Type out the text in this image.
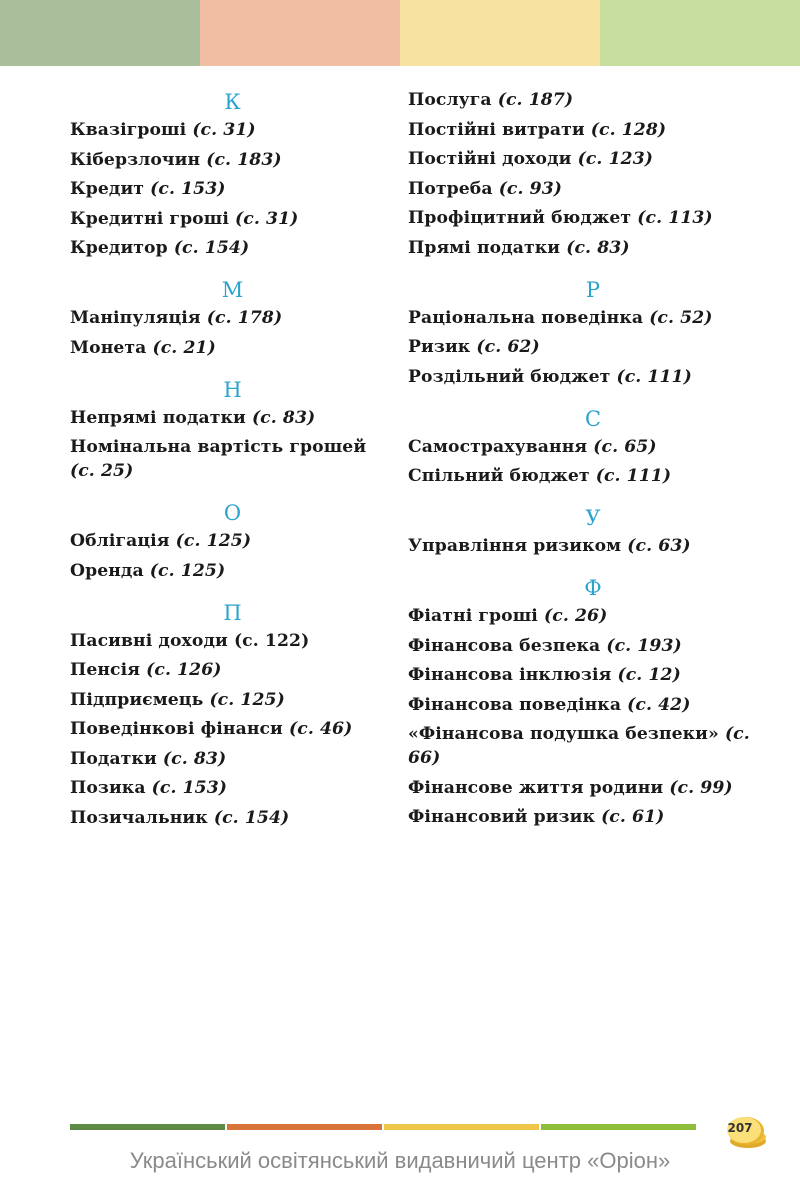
К
Квазігроші (с. 31)
Кіберзлочин (с. 183)
Кредит (с. 153)
Кредитні гроші (с. 31)
Кредитор (с. 154)
М
Маніпуляція (с. 178)
Монета (с. 21)
Н
Непрямі податки (с. 83)
Номінальна вартість грошей (с. 25)
О
Облігація (с. 125)
Оренда (с. 125)
П
Пасивні доходи (с. 122)
Пенсія (с. 126)
Підприємець (с. 125)
Поведінкові фінанси (с. 46)
Податки (с. 83)
Позика (с. 153)
Позичальник (с. 154)
Послуга (с. 187)
Постійні витрати (с. 128)
Постійні доходи (с. 123)
Потреба (с. 93)
Профіцитний бюджет (с. 113)
Прямі податки (с. 83)
Р
Раціональна поведінка (с. 52)
Ризик (с. 62)
Роздільний бюджет (с. 111)
С
Самострахування (с. 65)
Спільний бюджет (с. 111)
У
Управління ризиком (с. 63)
Ф
Фіатні гроші (с. 26)
Фінансова безпека (с. 193)
Фінансова інклюзія (с. 12)
Фінансова поведінка (с. 42)
«Фінансова подушка безпеки» (с. 66)
Фінансове життя родини (с. 99)
Фінансовий ризик (с. 61)
207
Український освітянський видавничий центр «Оріон»
